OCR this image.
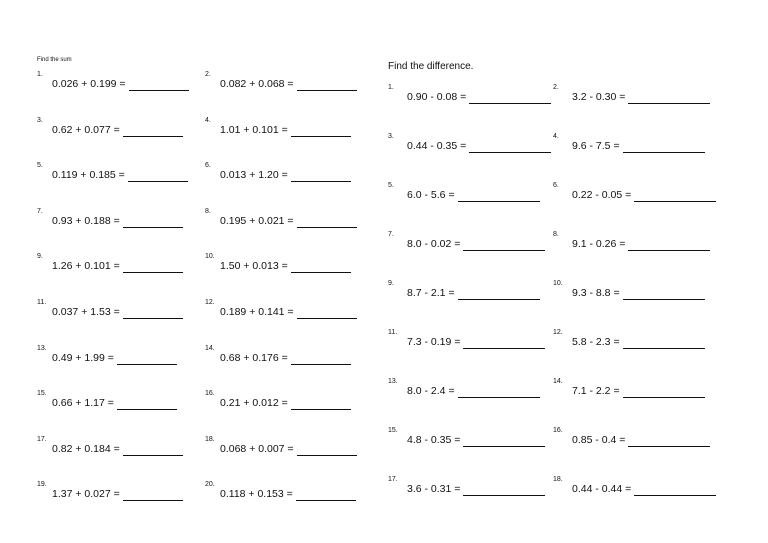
Find the sum

1.
0.026 + 0.199 =
2.
0.082 + 0.068 =
3.
0.62 + 0.077 =
4.
1.01 + 0.101 =
5.
0.119 + 0.185 =
6.
0.013 + 1.20 =
7.
0.93 + 0.188 =
8.
0.195 + 0.021 =
9.
1.26 + 0.101 =
10.
1.50 + 0.013 =
11.
0.037 + 1.53 =
12.
0.189 + 0.141 =
13.
0.49 + 1.99 =
14.
0.68 + 0.176 =
15.
0.66 + 1.17 =
16.
0.21 + 0.012 =
17.
0.82 + 0.184 =
18.
0.068 + 0.007 =
19.
1.37 + 0.027 =
20.
0.118 + 0.153 =

Find the difference.

1.
0.90 - 0.08 =
2.
3.2 - 0.30 =
3.
0.44 - 0.35 =
4.
9.6 - 7.5 =
5.
6.0 - 5.6 =
6.
0.22 - 0.05 =
7.
8.0 - 0.02 =
8.
9.1 - 0.26 =
9.
8.7 - 2.1 =
10.
9.3 - 8.8 =
11.
7.3 - 0.19 =
12.
5.8 - 2.3 =
13.
8.0 - 2.4 =
14.
7.1 - 2.2 =
15.
4.8 - 0.35 =
16.
0.85 - 0.4 =
17.
3.6 - 0.31 =
18.
0.44 - 0.44 =
